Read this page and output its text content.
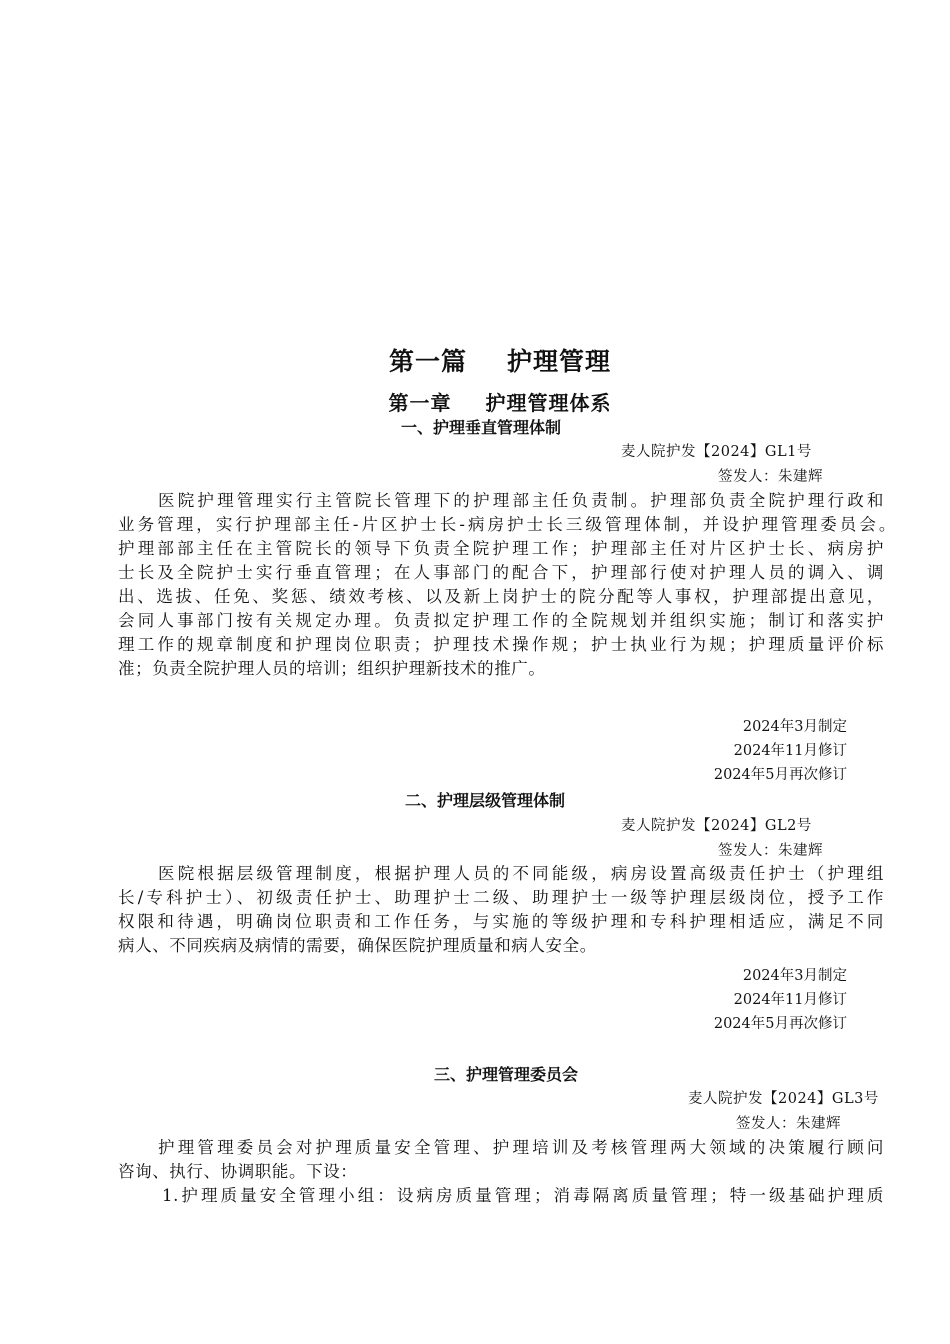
第一篇 护理管理
第一章 护理管理体系
一、护理垂直管理体制
麦人院护发【2024】GL1号
签发人：朱建辉
医院护理管理实行主管院长管理下的护理部主任负责制。护理部负责全院护理行政和
业务管理，实行护理部主任-片区护士长-病房护士长三级管理体制，并设护理管理委员会。
护理部部主任在主管院长的领导下负责全院护理工作；护理部主任对片区护士长、病房护
士长及全院护士实行垂直管理；在人事部门的配合下，护理部行使对护理人员的调入、调
出、选拔、任免、奖惩、绩效考核、以及新上岗护士的院分配等人事权，护理部提出意见，
会同人事部门按有关规定办理。负责拟定护理工作的全院规划并组织实施；制订和落实护
理工作的规章制度和护理岗位职责；护理技术操作规；护士执业行为规；护理质量评价标
准；负责全院护理人员的培训；组织护理新技术的推广。
2024年3月制定
2024年11月修订
2024年5月再次修订
二、护理层级管理体制
麦人院护发【2024】GL2号
签发人：朱建辉
医院根据层级管理制度，根据护理人员的不同能级，病房设置高级责任护士（护理组
长/专科护士）、初级责任护士、助理护士二级、助理护士一级等护理层级岗位，授予工作
权限和待遇，明确岗位职责和工作任务，与实施的等级护理和专科护理相适应，满足不同
病人、不同疾病及病情的需要，确保医院护理质量和病人安全。
2024年3月制定
2024年11月修订
2024年5月再次修订
三、护理管理委员会
麦人院护发【2024】GL3号
签发人：朱建辉
护理管理委员会对护理质量安全管理、护理培训及考核管理两大领域的决策履行顾问
咨询、执行、协调职能。下设：
1.护理质量安全管理小组：设病房质量管理；消毒隔离质量管理；特一级基础护理质
